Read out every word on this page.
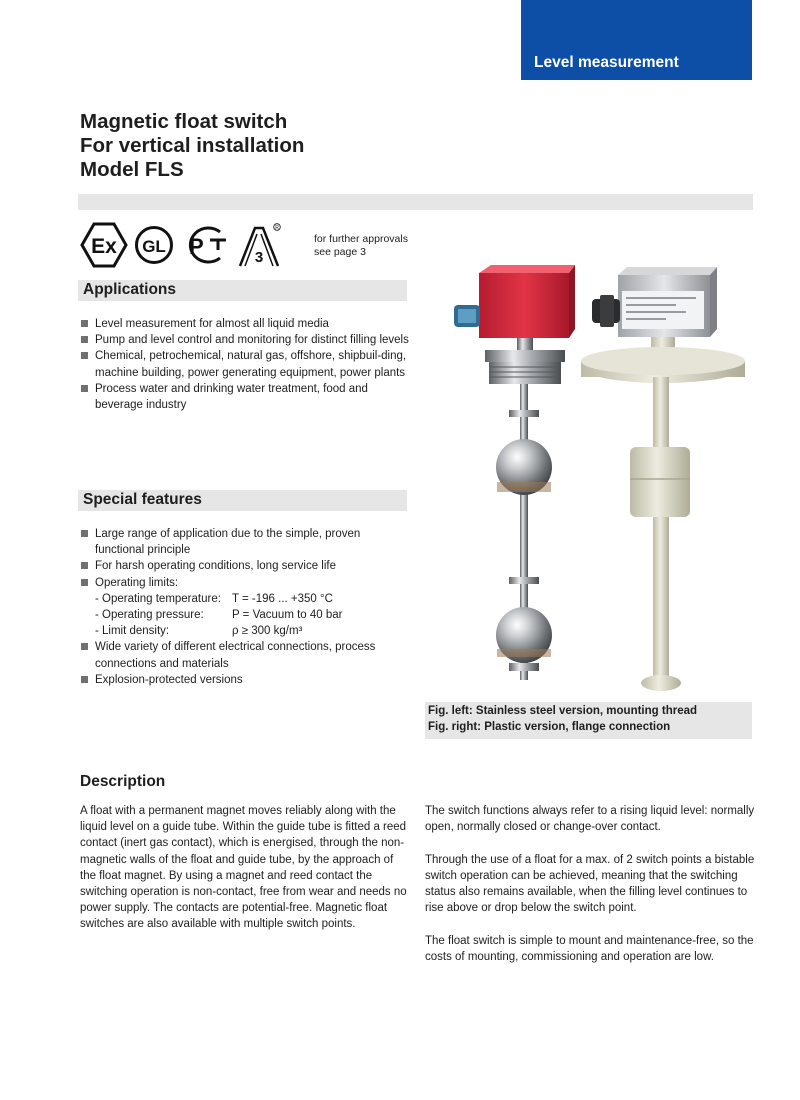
Level measurement
Magnetic float switch
For vertical installation
Model FLS
Ex GL P	3
R
for further approvals
see page 3
Applications
Level measurement for almost all liquid media
Pump and level control and monitoring for distinct filling levels
Chemical, petrochemical, natural gas, offshore, shipbuil-ding, machine building, power generating equipment, power plants
Process water and drinking water treatment, food and beverage industry
Special features
Large range of application due to the simple, proven functional principle
For harsh operating conditions, long service life
Operating limits:
- Operating temperature: T = -196 ... +350 °C
- Operating pressure:	P = Vacuum to 40 bar
- Limit density:	ρ ≥ 300 kg/m³
Wide variety of different electrical connections, process connections and materials
Explosion-protected versions
Fig. left: Stainless steel version, mounting thread
Fig. right: Plastic version, flange connection
Description

A float with a permanent magnet moves reliably along with the liquid level on a guide tube. Within the guide tube is fitted a reed contact (inert gas contact), which is energised, through the non-magnetic walls of the float and guide tube, by the approach of the float magnet. By using a magnet and reed contact the switching operation is non-contact, free from wear and needs no power supply. The contacts are potential-free. Magnetic float switches are also available with multiple switch points.

The switch functions always refer to a rising liquid level: normally open, normally closed or change-over contact.

Through the use of a float for a max. of 2 switch points a bistable switch operation can be achieved, meaning that the switching status also remains available, when the filling level continues to rise above or drop below the switch point.

The float switch is simple to mount and maintenance-free, so the costs of mounting, commissioning and operation are low.
